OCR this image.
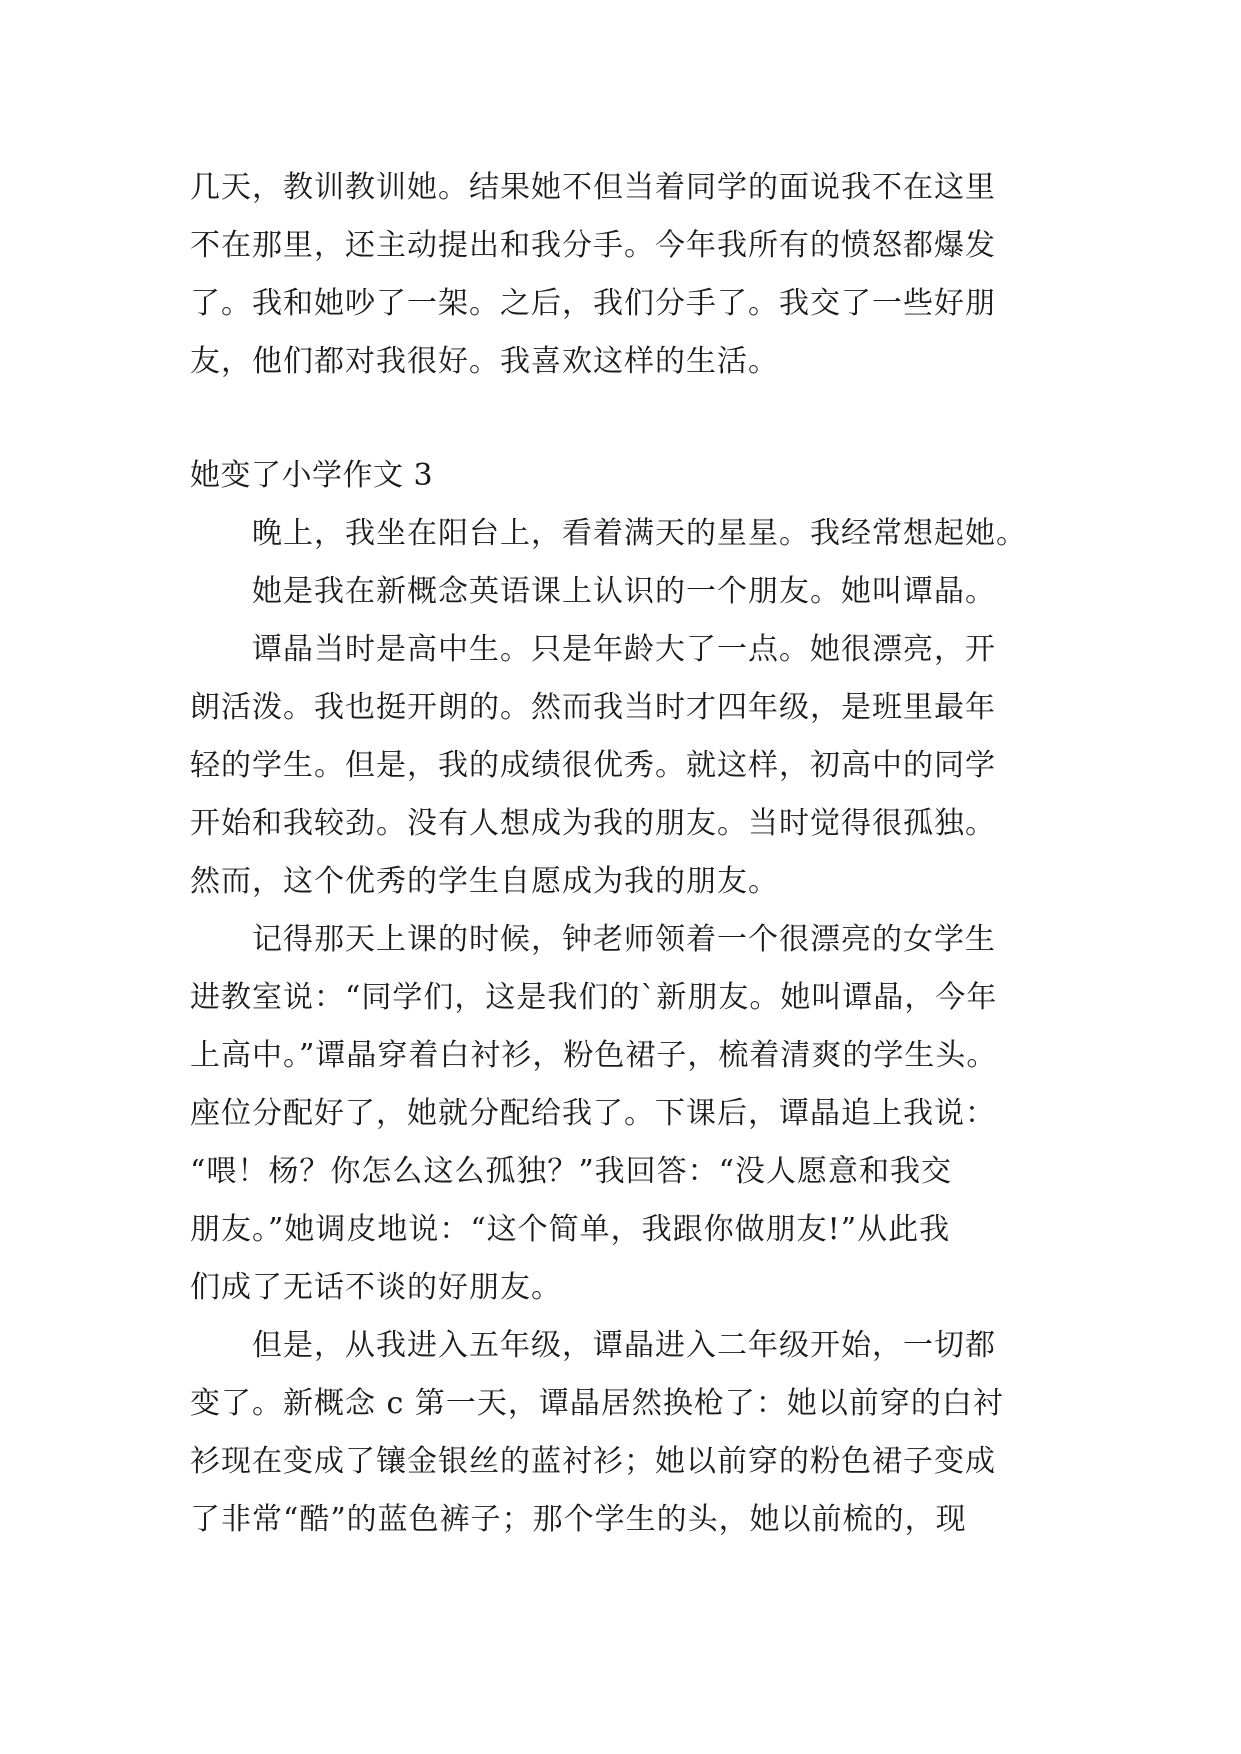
几天，教训教训她。结果她不但当着同学的面说我不在这里
不在那里，还主动提出和我分手。今年我所有的愤怒都爆发
了。我和她吵了一架。之后，我们分手了。我交了一些好朋
友，他们都对我很好。我喜欢这样的生活。
她变了小学作文 3
晚上，我坐在阳台上，看着满天的星星。我经常想起她。
她是我在新概念英语课上认识的一个朋友。她叫谭晶。
谭晶当时是高中生。只是年龄大了一点。她很漂亮，开
朗活泼。我也挺开朗的。然而我当时才四年级，是班里最年
轻的学生。但是，我的成绩很优秀。就这样，初高中的同学
开始和我较劲。没有人想成为我的朋友。当时觉得很孤独。
然而，这个优秀的学生自愿成为我的朋友。
记得那天上课的时候，钟老师领着一个很漂亮的女学生
进教室说：“同学们，这是我们的`新朋友。她叫谭晶，今年
上高中。”谭晶穿着白衬衫，粉色裙子，梳着清爽的学生头。
座位分配好了，她就分配给我了。下课后，谭晶追上我说：
“喂！杨？你怎么这么孤独？”我回答：“没人愿意和我交
朋友。”她调皮地说：“这个简单，我跟你做朋友!”从此我
们成了无话不谈的好朋友。
但是，从我进入五年级，谭晶进入二年级开始，一切都
变了。新概念 c 第一天，谭晶居然换枪了：她以前穿的白衬
衫现在变成了镶金银丝的蓝衬衫；她以前穿的粉色裙子变成
了非常“酷”的蓝色裤子；那个学生的头，她以前梳的，现
